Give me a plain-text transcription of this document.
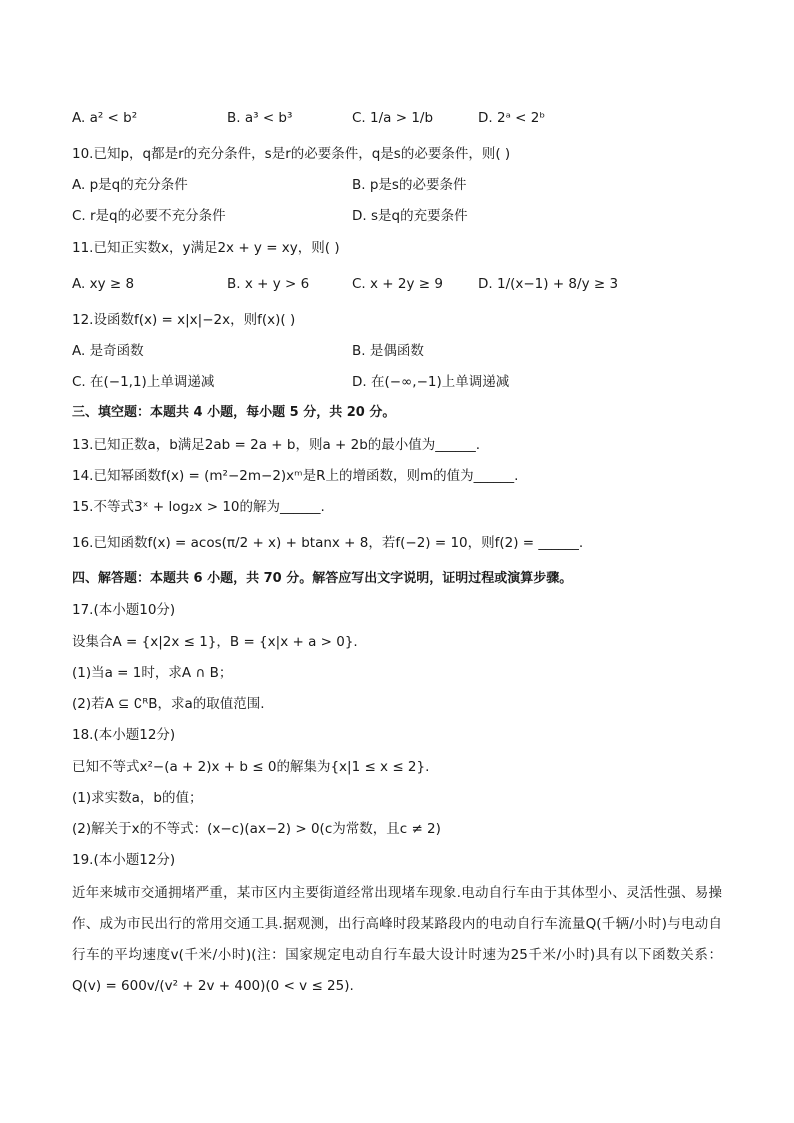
A. a² < b²	B. a³ < b³	C. 1/a > 1/b	D. 2ᵃ < 2ᵇ
10.已知p，q都是r的充分条件，s是r的必要条件，q是s的必要条件，则( )
A. p是q的充分条件	B. p是s的必要条件
C. r是q的必要不充分条件	D. s是q的充要条件
11.已知正实数x，y满足2x + y = xy，则( )
A. xy ≥ 8	B. x + y > 6	C. x + 2y ≥ 9	D. 1/(x−1) + 8/y ≥ 3
12.设函数f(x) = x|x|−2x，则f(x)( )
A. 是奇函数	B. 是偶函数
C. 在(−1,1)上单调递减	D. 在(−∞,−1)上单调递减
三、填空题：本题共 4 小题，每小题 5 分，共 20 分。
13.已知正数a，b满足2ab = 2a + b，则a + 2b的最小值为______.
14.已知幂函数f(x) = (m²−2m−2)xᵐ是R上的增函数，则m的值为______.
15.不等式3ˣ + log₂x > 10的解为______.
16.已知函数f(x) = acos(π/2 + x) + btanx + 8，若f(−2) = 10，则f(2) = ______.
四、解答题：本题共 6 小题，共 70 分。解答应写出文字说明，证明过程或演算步骤。
17.(本小题10分)
设集合A = {x|2x ≤ 1}，B = {x|x + a > 0}.
(1)当a = 1时，求A ∩ B；
(2)若A ⊆ ∁ᴿB，求a的取值范围.
18.(本小题12分)
已知不等式x²−(a + 2)x + b ≤ 0的解集为{x|1 ≤ x ≤ 2}.
(1)求实数a，b的值；
(2)解关于x的不等式：(x−c)(ax−2) > 0(c为常数，且c ≠ 2)
19.(本小题12分)
近年来城市交通拥堵严重，某市区内主要街道经常出现堵车现象.电动自行车由于其体型小、灵活性强、易操作、成为市民出行的常用交通工具.据观测，出行高峰时段某路段内的电动自行车流量Q(千辆/小时)与电动自行车的平均速度v(千米/小时)(注：国家规定电动自行车最大设计时速为25千米/小时)具有以下函数关系：Q(v) = 600v/(v² + 2v + 400)(0 < v ≤ 25).
